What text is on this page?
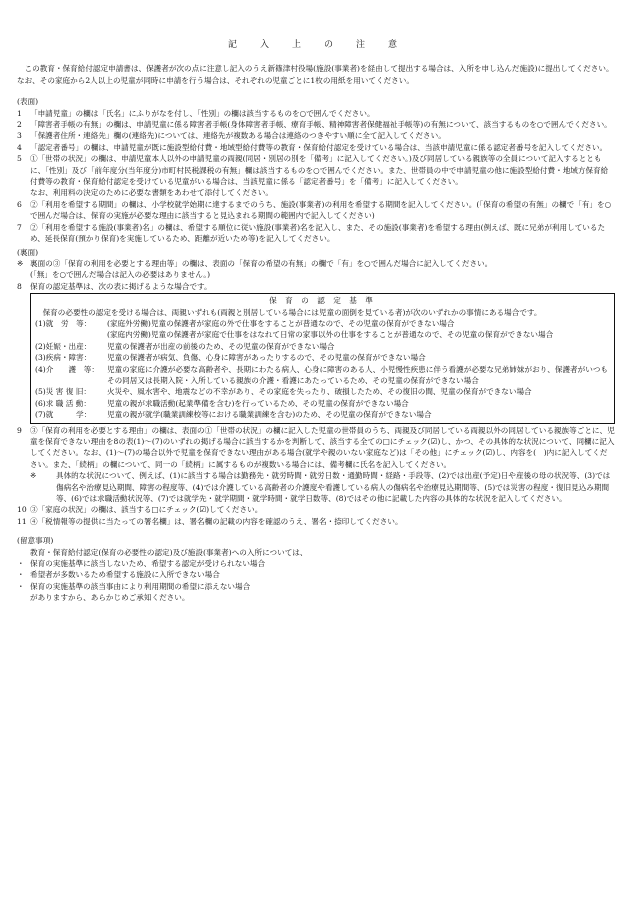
記　入　上　の　注　意

この教育・保育給付認定申請書は、保護者が次の点に注意し記入のうえ新篠津村役場(施設(事業者)を経由して提出する場合は、入所を申し込んだ施設)に提出してください。なお、その家庭から2人以上の児童が同時に申請を行う場合は、それぞれの児童ごとに1枚の用紙を用いてください。

(表面)
1	「申請児童」の欄は「氏名」にふりがなを付し、「性別」の欄は該当するものを○で囲んでください。
2	「障害者手帳の有無」の欄は、申請児童に係る障害者手帳(身体障害者手帳、療育手帳、精神障害者保健福祉手帳等)の有無について、該当するものを○で囲んでください。
3	「保護者住所・連絡先」欄の(連絡先)については、連絡先が複数ある場合は連絡のつきやすい順に全て記入してください。
4	「認定者番号」の欄は、申請児童が既に施設型給付費・地域型給付費等の教育・保育給付認定を受けている場合は、当該申請児童に係る認定者番号を記入してください。
5	①「世帯の状況」の欄は、申請児童本人以外の申請児童の両親(同居・別居の別を「備考」に記入してください。)及び同居している親族等の全員について記入するとともに、「性別」及び「前年度分(当年度分)市町村民税課税の有無」欄は該当するものを○で囲んでください。また、世帯員の中で申請児童の他に施設型給付費・地域方保育給付費等の教育・保育給付認定を受けている児童がいる場合は、当該児童に係る「認定者番号」を「備考」に記入してください。
なお、利用料の決定のために必要な書類をあわせて添付してください。
6	②「利用を希望する期間」の欄は、小学校就学始期に達するまでのうち、施設(事業者)の利用を希望する期間を記入してください。(「保育の希望の有無」の欄で「有」を○で囲んだ場合は、保育の実施が必要な理由に該当すると見込まれる期間の範囲内で記入してください)
7	②「利用を希望する施設(事業者)名」の欄は、希望する順位に従い施設(事業者)名を記入し、また、その施設(事業者)を希望する理由(例えば、既に兄弟が利用しているため、延長保育(預かり保育)を実施しているため、距離が近いため等)を記入してください。
(裏面)
※ 裏面の③「保育の利用を必要とする理由等」の欄は、表面の「保育の希望の有無」の欄で「有」を○で囲んだ場合に記入してください。
(「無」を○で囲んだ場合は記入の必要はありません。)
8	保育の認定基準は、次の表に掲げるような場合です。
保 育 の 認 定 基 準
保育の必要性の認定を受ける場合は、両親いずれも(両親と別居している場合には児童の面倒を見ている者)が次のいずれかの事情にある場合です。
(1)就　労　等：	(家庭外労働)児童の保護者が家庭の外で仕事をすることが普通なので、その児童の保育ができない場合
(家庭内労働)児童の保護者が家庭で仕事をはなれて日常の家事以外の仕事をすることが普通なので、その児童の保育ができない場合
(2)妊娠・出産：	児童の保護者が出産の前後のため、その児童の保育ができない場合
(3)疾病・障害：	児童の保護者が病気、負傷、心身に障害があったりするので、その児童の保育ができない場合
(4)介　　護　等：	児童の家庭に介護が必要な高齢者や、長期にわたる病人、心身に障害のある人、小児慢性疾患に伴う看護が必要な兄弟姉妹がおり、保護者がいつもその同居又は長期入院・入所している親族の介護・看護にあたっているため、その児童の保育ができない場合
(5)災 害 復 旧：	火災や、風水害や、地震などの不幸があり、その家庭を失ったり、破損したため、その復旧の間、児童の保育ができない場合
(6)求 職 活 動：	児童の親が求職活動(起業準備を含む)を行っているため、その児童の保育ができない場合
(7)就　　　学：	児童の親が就学(職業訓練校等における職業訓練を含む)のため、その児童の保育ができない場合
9	③「保育の利用を必要とする理由」の欄は、表面の①「世帯の状況」の欄に記入した児童の世帯員のうち、両親及び同居している両親以外の同居している親族等ごとに、児童を保育できない理由を8の表(1)～(7)のいずれの掲げる場合に該当するかを判断して、該当する全ての□にチェック(☑)し、かつ、その具体的な状況について、同欄に記入してください。なお、(1)～(7)の場合以外で児童を保育できない理由がある場合(就学や親のいない家庭など)は「その他」にチェック(☑)し、内容を(　)内に記入してください。また、「続柄」の欄について、同一の「続柄」に属するものが複数いる場合には、備考欄に氏名を記入してください。
※	具体的な状況について、例えば、(1)に該当する場合は勤務先・就労時間・就労日数・通勤時間・経路・手段等、(2)では出産(予定)日や産後の母の状況等、(3)では傷病名や治療見込期間、障害の程度等、(4)では介護している高齢者の介護度や看護している病人の傷病名や治療見込期間等、(5)では災害の程度・復旧見込み期間等、(6)では求職活動状況等、(7)では就学先・就学期間・就学時間・就学日数等、(8)ではその他に記載した内容の具体的な状況を記入してください。
10 ③「家庭の状況」の欄は、該当する□にチェック(☑)してください。
11 ④「税情報等の提供に当たっての署名欄」は、署名欄の記載の内容を確認のうえ、署名・捺印してください。
(留意事項)
教育・保育給付認定(保育の必要性の認定)及び施設(事業者)への入所については、
・ 保育の実施基準に該当しないため、希望する認定が受けられない場合
・ 希望者が多数いるため希望する施設に入所できない場合
・ 保育の実施基準の該当事由により利用期間の希望に添えない場合
がありますから、あらかじめご承知ください。
